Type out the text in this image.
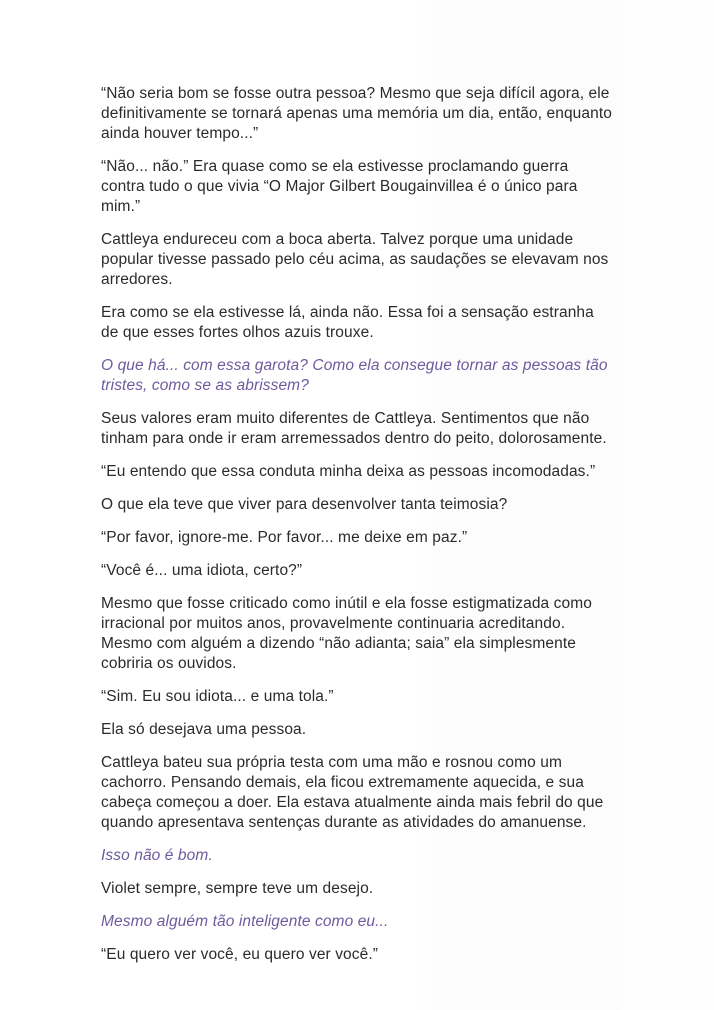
“Não seria bom se fosse outra pessoa? Mesmo que seja difícil agora, ele definitivamente se tornará apenas uma memória um dia, então, enquanto ainda houver tempo...”

“Não... não.” Era quase como se ela estivesse proclamando guerra contra tudo o que vivia “O Major Gilbert Bougainvillea é o único para mim.”

Cattleya endureceu com a boca aberta. Talvez porque uma unidade popular tivesse passado pelo céu acima, as saudações se elevavam nos arredores.

Era como se ela estivesse lá, ainda não. Essa foi a sensação estranha de que esses fortes olhos azuis trouxe.

O que há... com essa garota? Como ela consegue tornar as pessoas tão tristes, como se as abrissem?

Seus valores eram muito diferentes de Cattleya. Sentimentos que não tinham para onde ir eram arremessados dentro do peito, dolorosamente.

“Eu entendo que essa conduta minha deixa as pessoas incomodadas.”

O que ela teve que viver para desenvolver tanta teimosia?

“Por favor, ignore-me. Por favor... me deixe em paz.”

“Você é... uma idiota, certo?”

Mesmo que fosse criticado como inútil e ela fosse estigmatizada como irracional por muitos anos, provavelmente continuaria acreditando. Mesmo com alguém a dizendo “não adianta; saia” ela simplesmente cobriria os ouvidos.

“Sim. Eu sou idiota... e uma tola.”

Ela só desejava uma pessoa.

Cattleya bateu sua própria testa com uma mão e rosnou como um cachorro. Pensando demais, ela ficou extremamente aquecida, e sua cabeça começou a doer. Ela estava atualmente ainda mais febril do que quando apresentava sentenças durante as atividades do amanuense.

Isso não é bom.

Violet sempre, sempre teve um desejo.

Mesmo alguém tão inteligente como eu...

“Eu quero ver você, eu quero ver você.”
